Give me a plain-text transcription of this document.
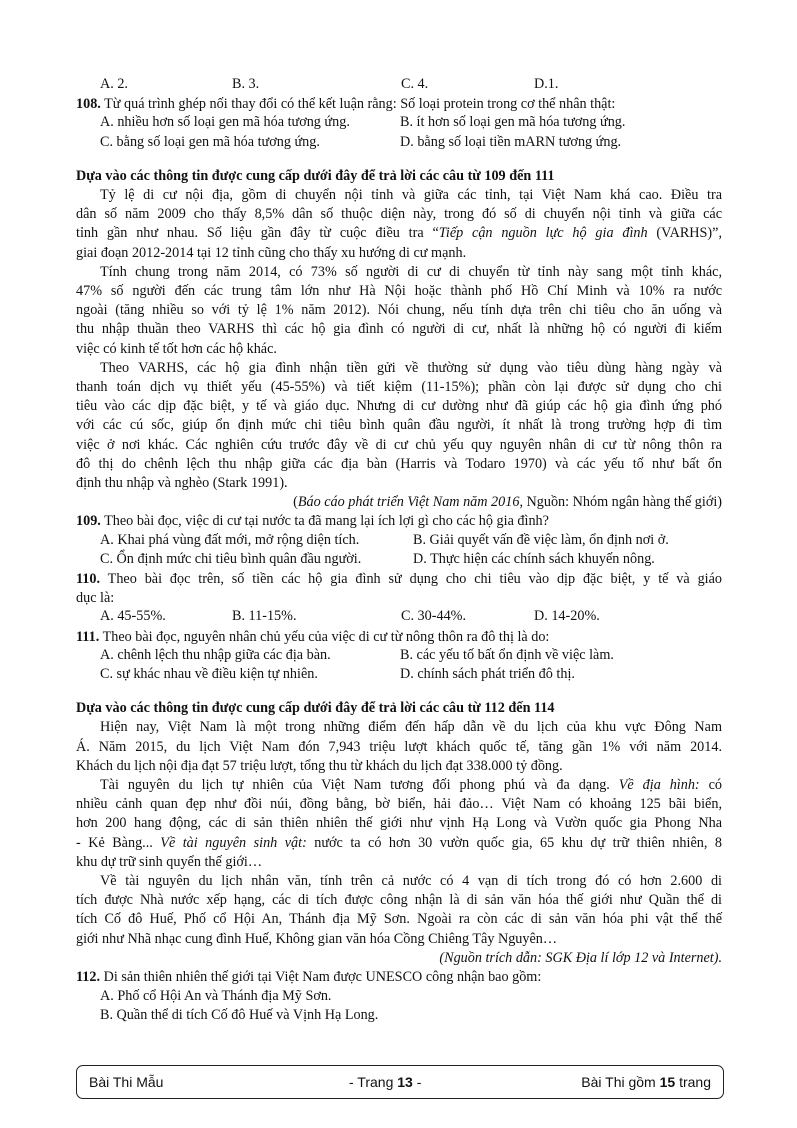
A. 2.	B. 3.	C. 4.	D.1.
108. Từ quá trình ghép nối thay đổi có thể kết luận rằng: Số loại protein trong cơ thể nhân thật:
A. nhiều hơn số loại gen mã hóa tương ứng.	B. ít hơn số loại gen mã hóa tương ứng.
C. bằng số loại gen mã hóa tương ứng.	D. bằng số loại tiền mARN tương ứng.
Dựa vào các thông tin được cung cấp dưới đây để trả lời các câu từ 109 đến 111
Tỷ lệ di cư nội địa, gồm di chuyển nội tỉnh và giữa các tỉnh, tại Việt Nam khá cao. Điều tra
dân số năm 2009 cho thấy 8,5% dân số thuộc diện này, trong đó số di chuyển nội tỉnh và giữa các
tỉnh gần như nhau. Số liệu gần đây từ cuộc điều tra “Tiếp cận nguồn lực hộ gia đình (VARHS)”,
giai đoạn 2012-2014 tại 12 tỉnh cũng cho thấy xu hướng di cư mạnh.
Tính chung trong năm 2014, có 73% số người di cư di chuyển từ tỉnh này sang một tỉnh khác,
47% số người đến các trung tâm lớn như Hà Nội hoặc thành phố Hồ Chí Minh và 10% ra nước
ngoài (tăng nhiều so với tỷ lệ 1% năm 2012). Nói chung, nếu tính dựa trên chi tiêu cho ăn uống và
thu nhập thuần theo VARHS thì các hộ gia đình có người di cư, nhất là những hộ có người đi kiếm
việc có kinh tế tốt hơn các hộ khác.
Theo VARHS, các hộ gia đình nhận tiền gửi về thường sử dụng vào tiêu dùng hàng ngày và
thanh toán dịch vụ thiết yếu (45-55%) và tiết kiệm (11-15%); phần còn lại được sử dụng cho chi
tiêu vào các dịp đặc biệt, y tế và giáo dục. Nhưng di cư dường như đã giúp các hộ gia đình ứng phó
với các cú sốc, giúp ổn định mức chi tiêu bình quân đầu người, ít nhất là trong trường hợp đi tìm
việc ở nơi khác. Các nghiên cứu trước đây về di cư chủ yếu quy nguyên nhân di cư từ nông thôn ra
đô thị do chênh lệch thu nhập giữa các địa bàn (Harris và Todaro 1970) và các yếu tố như bất ổn
định thu nhập và nghèo (Stark 1991).
(Báo cáo phát triển Việt Nam năm 2016, Nguồn: Nhóm ngân hàng thế giới)
109. Theo bài đọc, việc di cư tại nước ta đã mang lại ích lợi gì cho các hộ gia đình?
A. Khai phá vùng đất mới, mở rộng diện tích.	B. Giải quyết vấn đề việc làm, ổn định nơi ở.
C. Ổn định mức chi tiêu bình quân đầu người.	D. Thực hiện các chính sách khuyến nông.
110. Theo bài đọc trên, số tiền các hộ gia đình sử dụng cho chi tiêu vào dịp đặc biệt, y tế và giáo
dục là:
A. 45-55%.	B. 11-15%.	C. 30-44%.	D. 14-20%.
111. Theo bài đọc, nguyên nhân chủ yếu của việc di cư từ nông thôn ra đô thị là do:
A. chênh lệch thu nhập giữa các địa bàn.	B. các yếu tố bất ổn định về việc làm.
C. sự khác nhau về điều kiện tự nhiên.	D. chính sách phát triển đô thị.
Dựa vào các thông tin được cung cấp dưới đây để trả lời các câu từ 112 đến 114
Hiện nay, Việt Nam là một trong những điểm đến hấp dẫn về du lịch của khu vực Đông Nam
Á. Năm 2015, du lịch Việt Nam đón 7,943 triệu lượt khách quốc tế, tăng gần 1% với năm 2014.
Khách du lịch nội địa đạt 57 triệu lượt, tổng thu từ khách du lịch đạt 338.000 tỷ đồng.
Tài nguyên du lịch tự nhiên của Việt Nam tương đối phong phú và đa dạng. Về địa hình: có
nhiều cảnh quan đẹp như đồi núi, đồng bằng, bờ biển, hải đảo… Việt Nam có khoảng 125 bãi biển,
hơn 200 hang động, các di sản thiên nhiên thế giới như vịnh Hạ Long và Vườn quốc gia Phong Nha
- Kẻ Bàng... Về tài nguyên sinh vật: nước ta có hơn 30 vườn quốc gia, 65 khu dự trữ thiên nhiên, 8
khu dự trữ sinh quyển thế giới…
Về tài nguyên du lịch nhân văn, tính trên cả nước có 4 vạn di tích trong đó có hơn 2.600 di
tích được Nhà nước xếp hạng, các di tích được công nhận là di sản văn hóa thế giới như Quần thể di
tích Cố đô Huế, Phố cổ Hội An, Thánh địa Mỹ Sơn. Ngoài ra còn các di sản văn hóa phi vật thể thế
giới như Nhã nhạc cung đình Huế, Không gian văn hóa Cồng Chiêng Tây Nguyên…
(Nguồn trích dẫn: SGK Địa lí lớp 12 và Internet).
112. Di sản thiên nhiên thế giới tại Việt Nam được UNESCO công nhận bao gồm:
A. Phố cổ Hội An và Thánh địa Mỹ Sơn.
B. Quần thể di tích Cố đô Huế và Vịnh Hạ Long.
Bài Thi Mẫu	- Trang 13 -	Bài Thi gồm 15 trang
